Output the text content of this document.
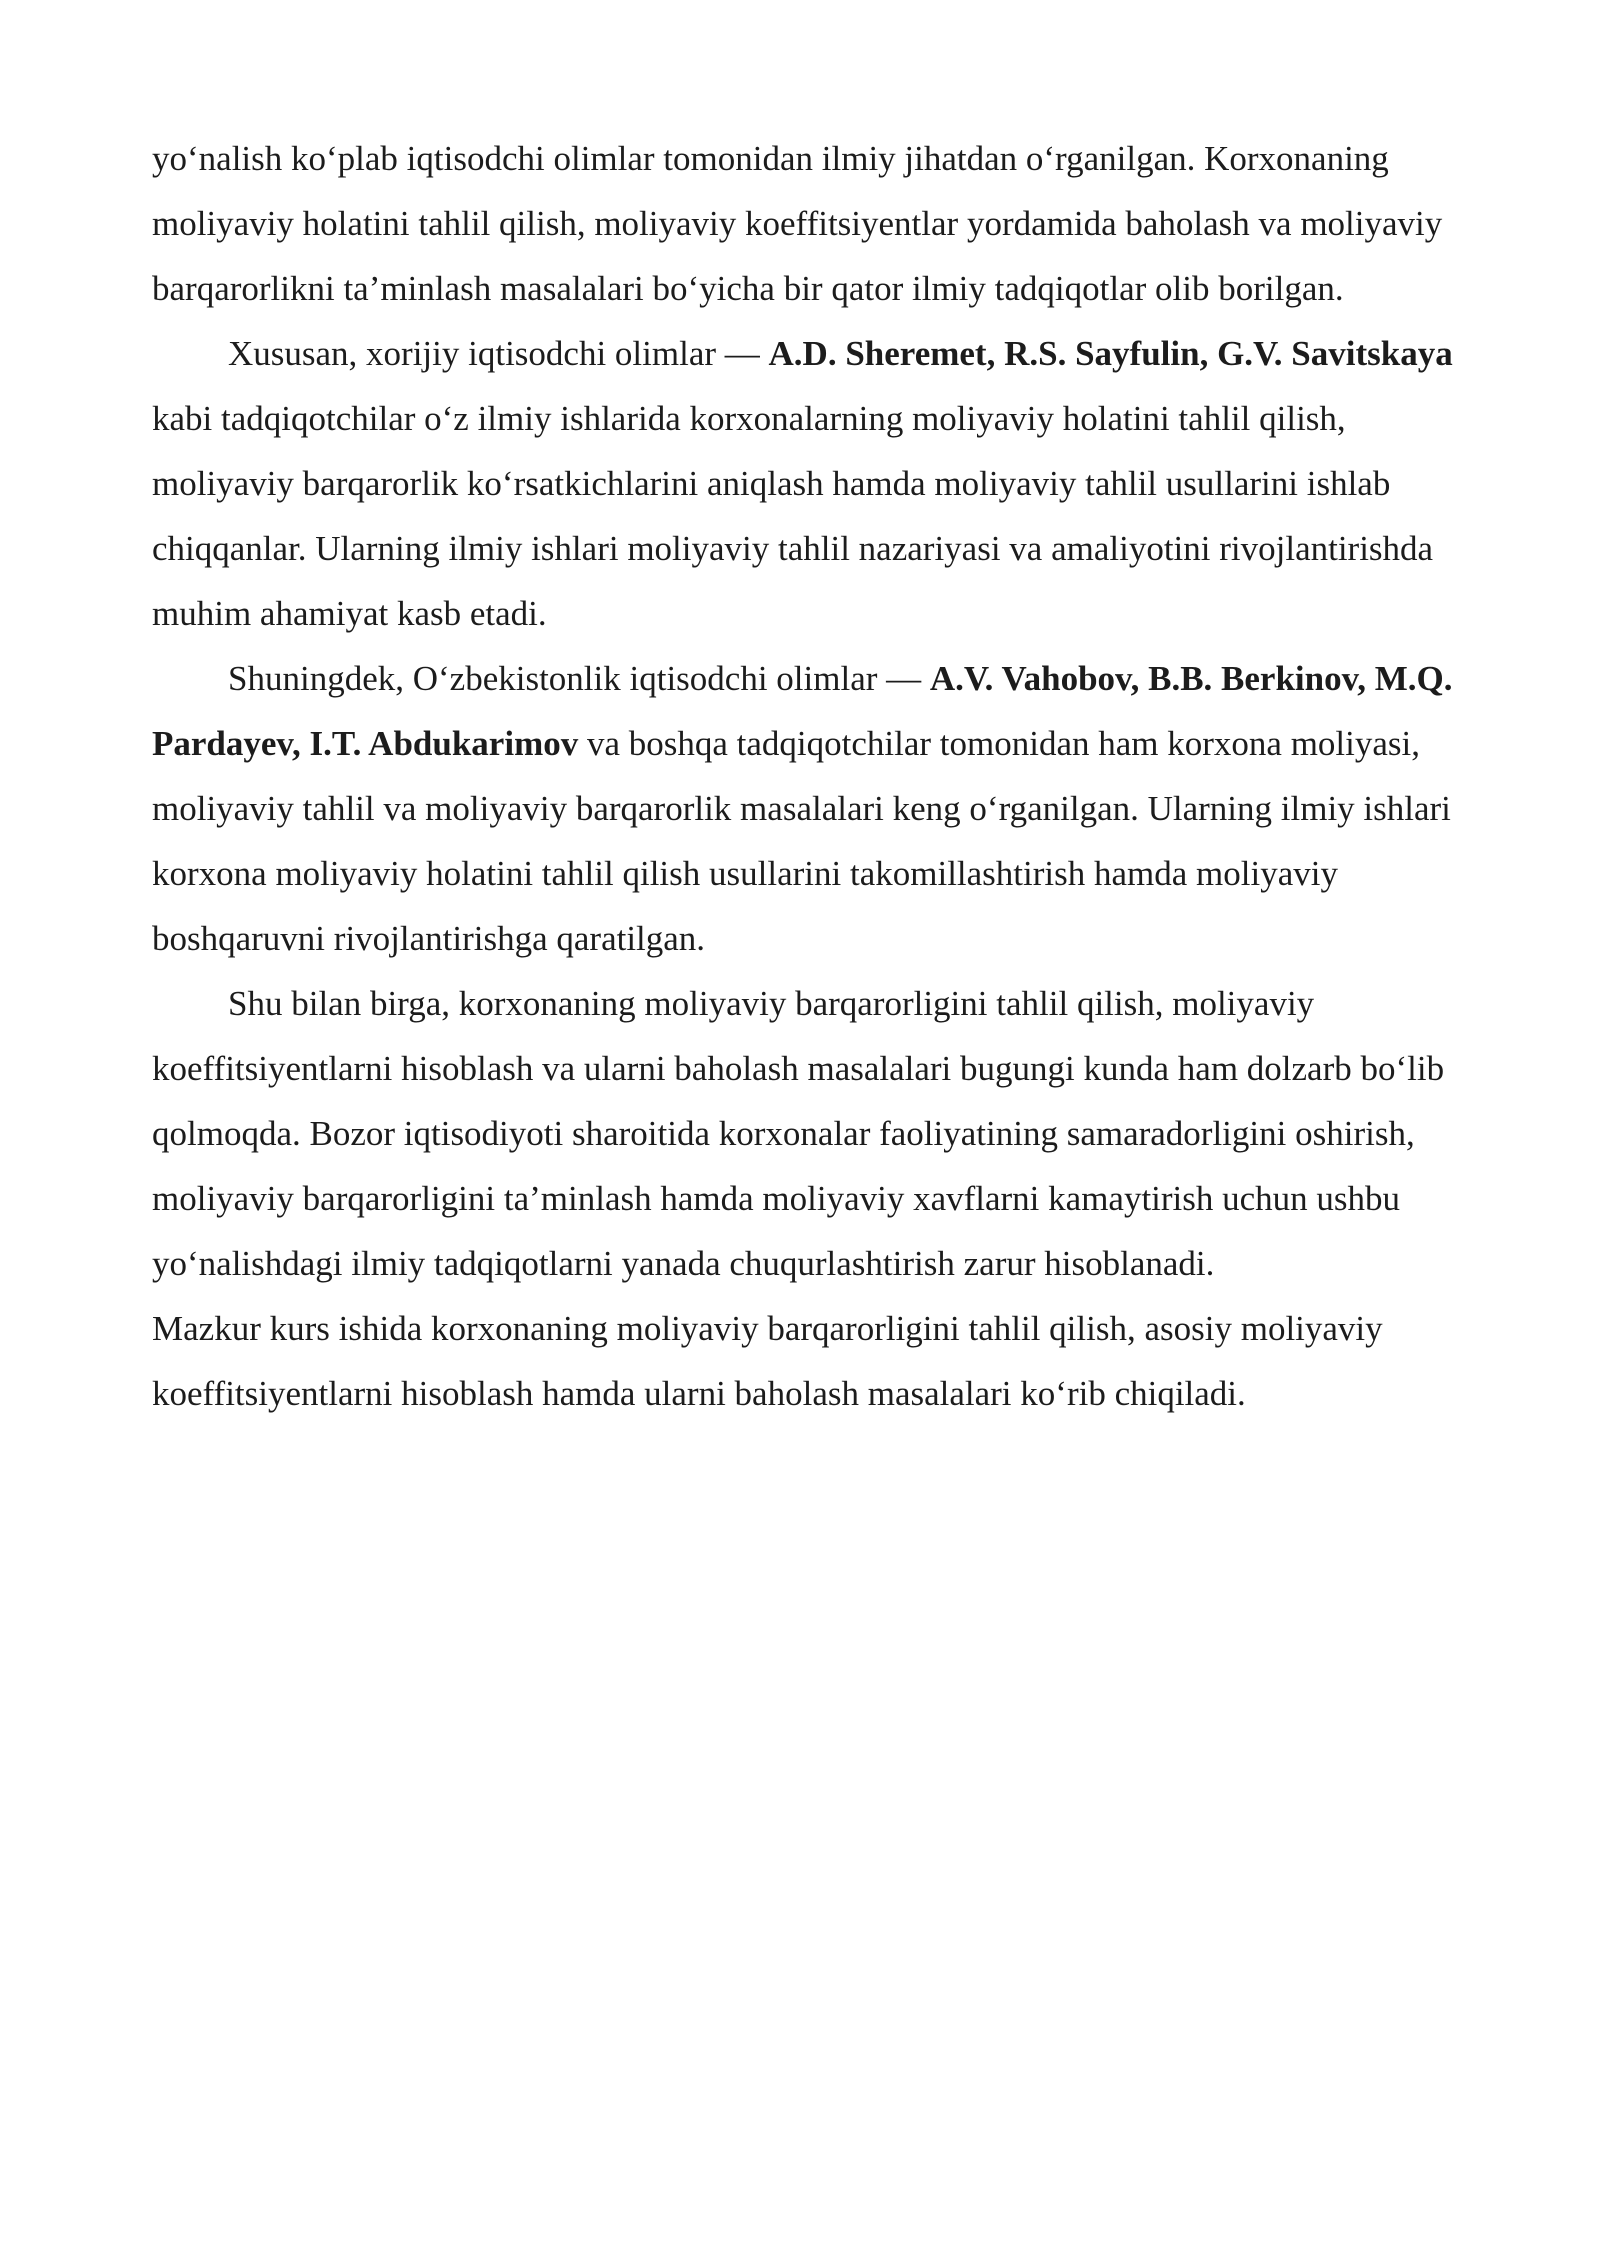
yo‘nalish ko‘plab iqtisodchi olimlar tomonidan ilmiy jihatdan o‘rganilgan. Korxonaning moliyaviy holatini tahlil qilish, moliyaviy koeffitsiyentlar yordamida baholash va moliyaviy barqarorlikni ta’minlash masalalari bo‘yicha bir qator ilmiy tadqiqotlar olib borilgan.

Xususan, xorijiy iqtisodchi olimlar — A.D. Sheremet, R.S. Sayfulin, G.V. Savitskaya kabi tadqiqotchilar o‘z ilmiy ishlarida korxonalarning moliyaviy holatini tahlil qilish, moliyaviy barqarorlik ko‘rsatkichlarini aniqlash hamda moliyaviy tahlil usullarini ishlab chiqqanlar. Ularning ilmiy ishlari moliyaviy tahlil nazariyasi va amaliyotini rivojlantirishda muhim ahamiyat kasb etadi.

Shuningdek, O‘zbekistonlik iqtisodchi olimlar — A.V. Vahobov, B.B. Berkinov, M.Q. Pardayev, I.T. Abdukarimov va boshqa tadqiqotchilar tomonidan ham korxona moliyasi, moliyaviy tahlil va moliyaviy barqarorlik masalalari keng o‘rganilgan. Ularning ilmiy ishlari korxona moliyaviy holatini tahlil qilish usullarini takomillashtirish hamda moliyaviy boshqaruvni rivojlantirishga qaratilgan.

Shu bilan birga, korxonaning moliyaviy barqarorligini tahlil qilish, moliyaviy koeffitsiyentlarni hisoblash va ularni baholash masalalari bugungi kunda ham dolzarb bo‘lib qolmoqda. Bozor iqtisodiyoti sharoitida korxonalar faoliyatining samaradorligini oshirish, moliyaviy barqarorligini ta’minlash hamda moliyaviy xavflarni kamaytirish uchun ushbu yo‘nalishdagi ilmiy tadqiqotlarni yanada chuqurlashtirish zarur hisoblanadi.

Mazkur kurs ishida korxonaning moliyaviy barqarorligini tahlil qilish, asosiy moliyaviy koeffitsiyentlarni hisoblash hamda ularni baholash masalalari ko‘rib chiqiladi.
